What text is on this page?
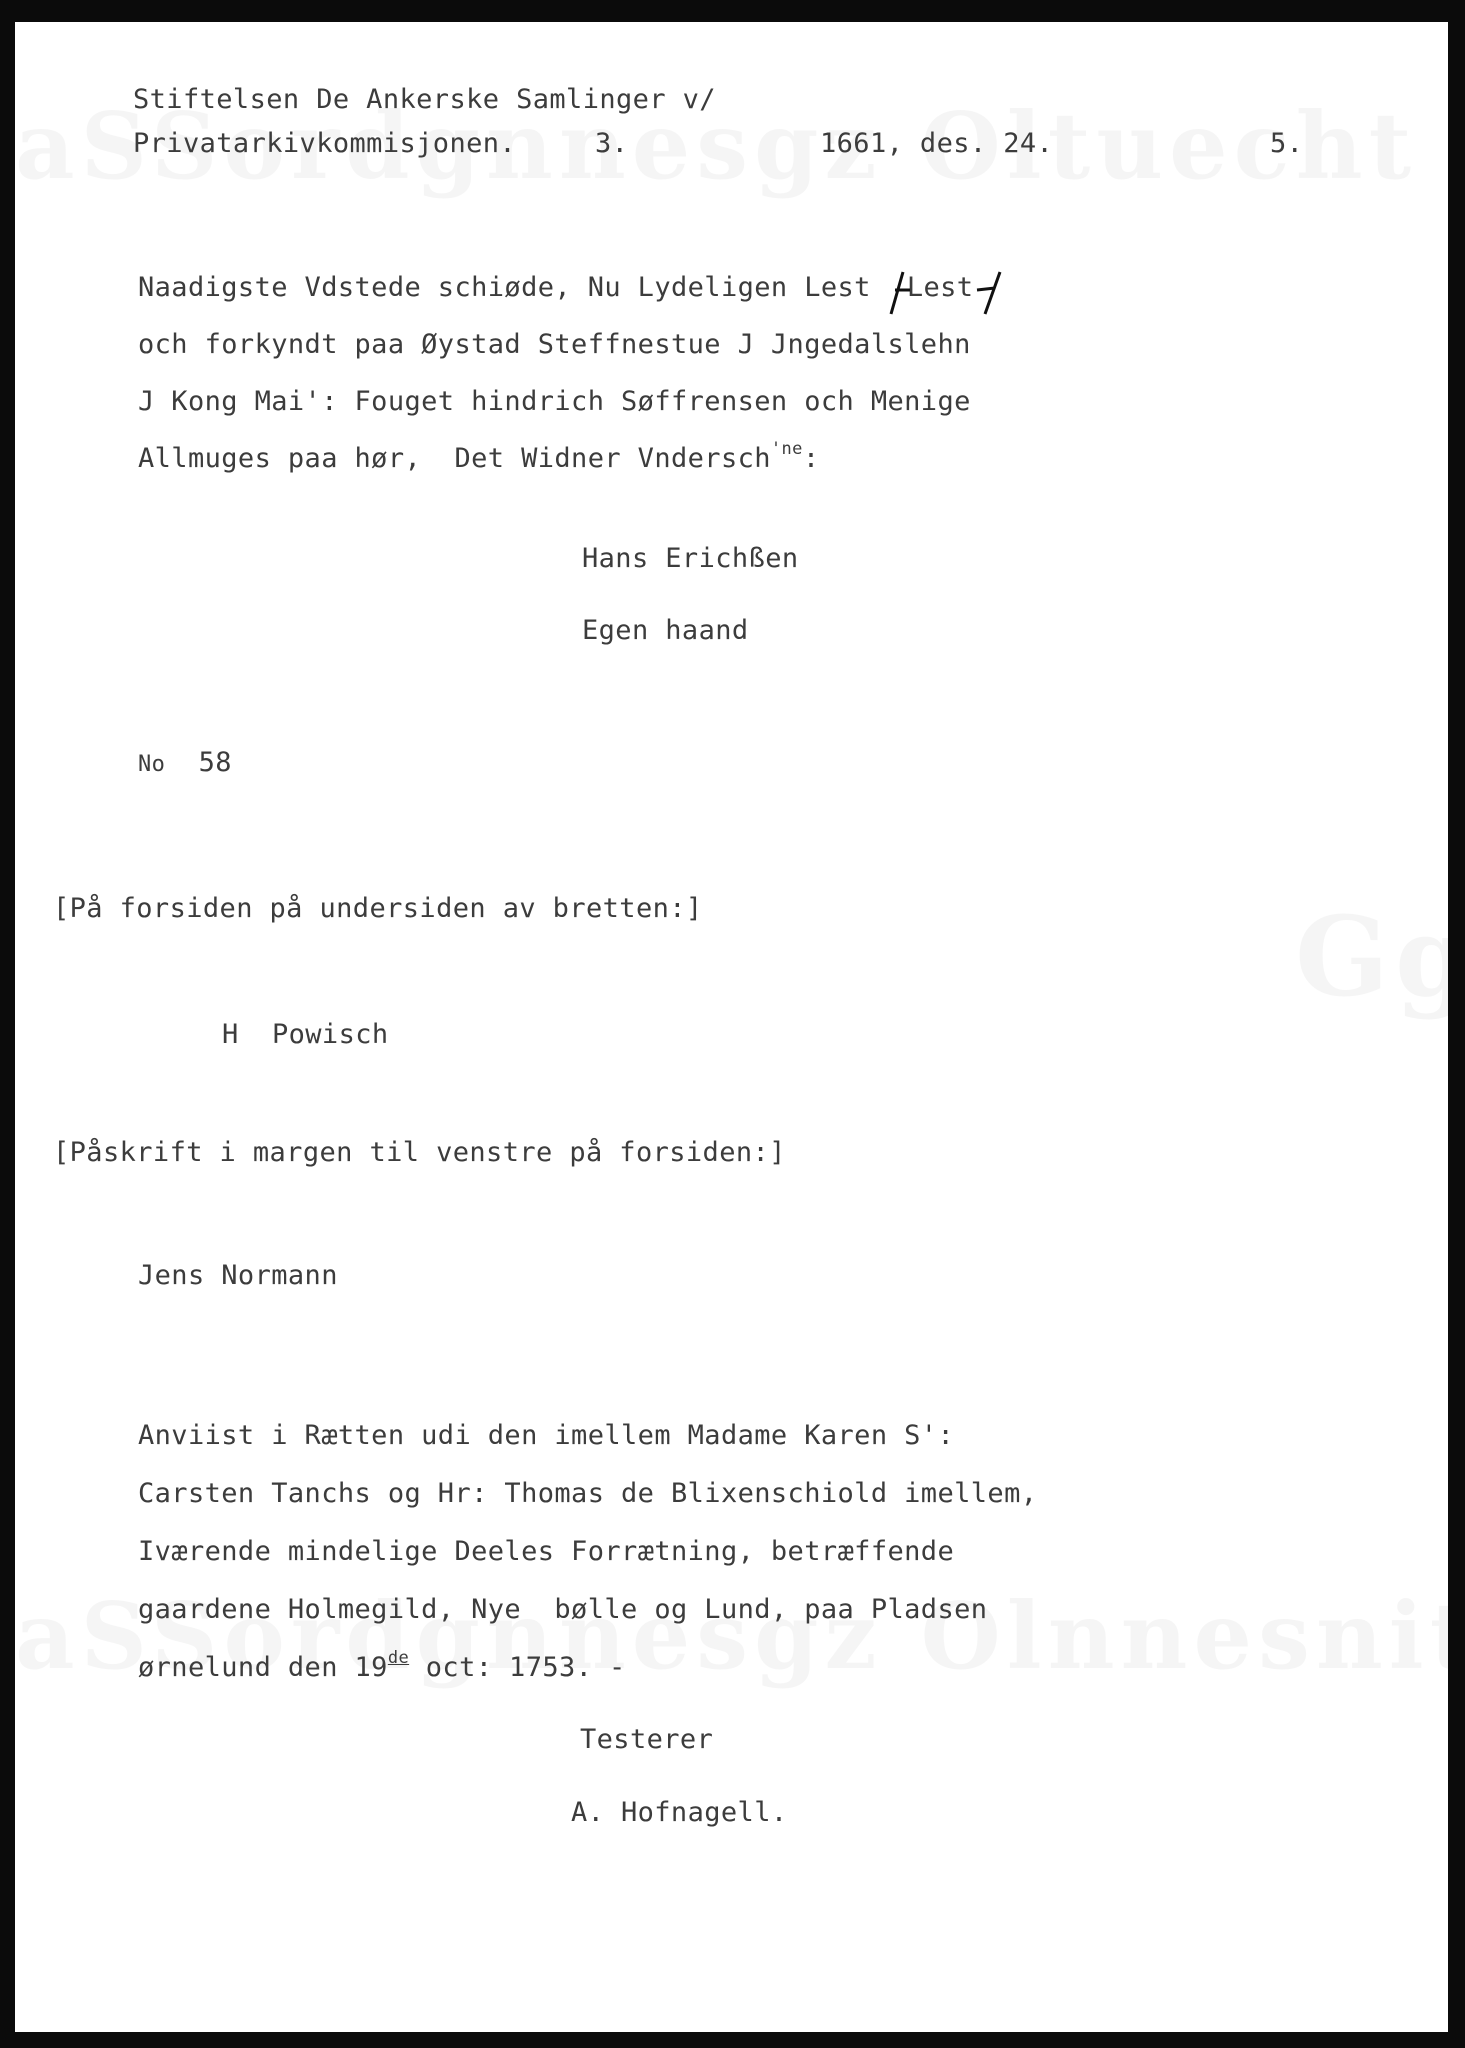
Stiftelsen De Ankerske Samlinger v/
Privatarkivkommisjonen.	3.	1661, des. 24.	5.
Naadigste Vdstede schiøde, Nu Lydeligen Lest Lest
och forkyndt paa Øystad Steffnestue J Jngedalslehn
J Kong Mai': Fouget hindrich Søffrensen och Menige
Allmuges paa hør,  Det Widner Vndersch$^{'ne}$:
Hans Erichßen
Egen haand
No 58
[På forsiden på undersiden av bretten:]
H  Powisch
[Påskrift i margen til venstre på forsiden:]
Jens Normann
Anviist i Rætten udi den imellem Madame Karen S':
Carsten Tanchs og Hr: Thomas de Blixenschiold imellem,
Iværende mindelige Deeles Forrætning, betræffende
gaardene Holmegild, Nye  bølle og Lund, paa Pladsen
ørnelund den 19de oct: 1753. -
Testerer
A. Hofnagell.
